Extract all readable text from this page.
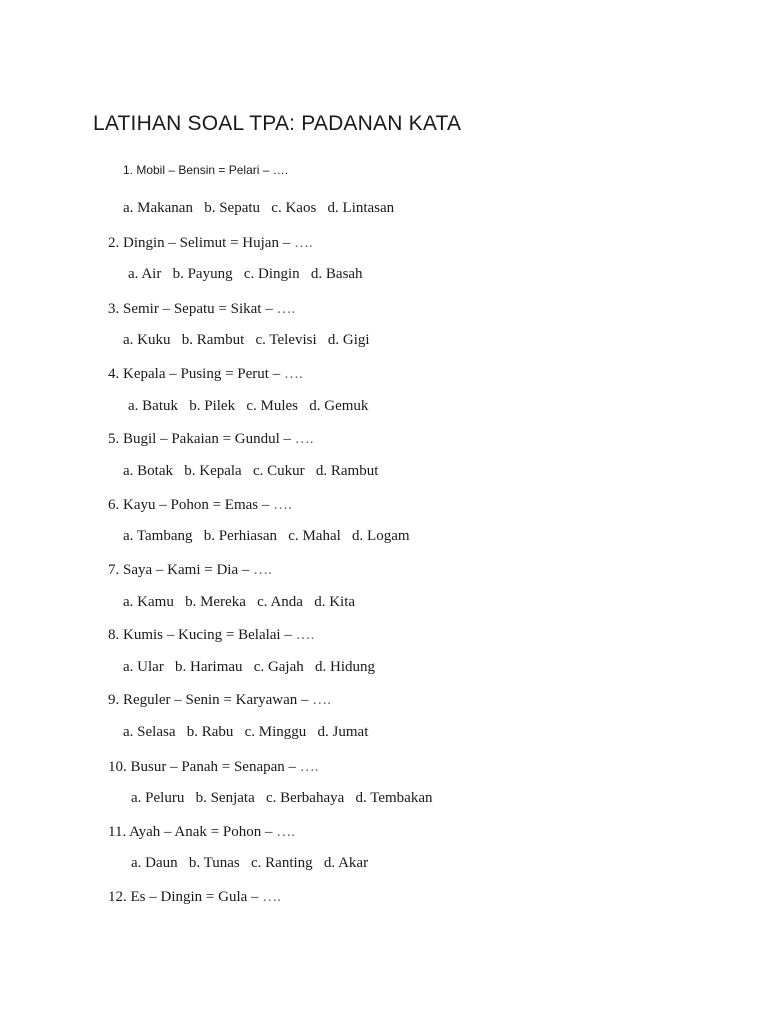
LATIHAN SOAL TPA: PADANAN KATA
1. Mobil – Bensin = Pelari – ….
a. Makanan   b. Sepatu   c. Kaos   d. Lintasan
2. Dingin – Selimut = Hujan – ….
a. Air   b. Payung   c. Dingin   d. Basah
3. Semir – Sepatu = Sikat – ….
a. Kuku   b. Rambut   c. Televisi   d. Gigi
4. Kepala – Pusing = Perut – ….
a. Batuk   b. Pilek   c. Mules   d. Gemuk
5. Bugil – Pakaian = Gundul – ….
a. Botak   b. Kepala   c. Cukur   d. Rambut
6. Kayu – Pohon = Emas – ….
a. Tambang   b. Perhiasan   c. Mahal   d. Logam
7. Saya – Kami = Dia – ….
a. Kamu   b. Mereka   c. Anda   d. Kita
8. Kumis – Kucing = Belalai – ….
a. Ular   b. Harimau   c. Gajah   d. Hidung
9. Reguler – Senin = Karyawan – ….
a. Selasa   b. Rabu   c. Minggu   d. Jumat
10. Busur – Panah = Senapan – ….
a. Peluru   b. Senjata   c. Berbahaya   d. Tembakan
11. Ayah – Anak = Pohon – ….
a. Daun   b. Tunas   c. Ranting   d. Akar
12. Es – Dingin = Gula – ….
